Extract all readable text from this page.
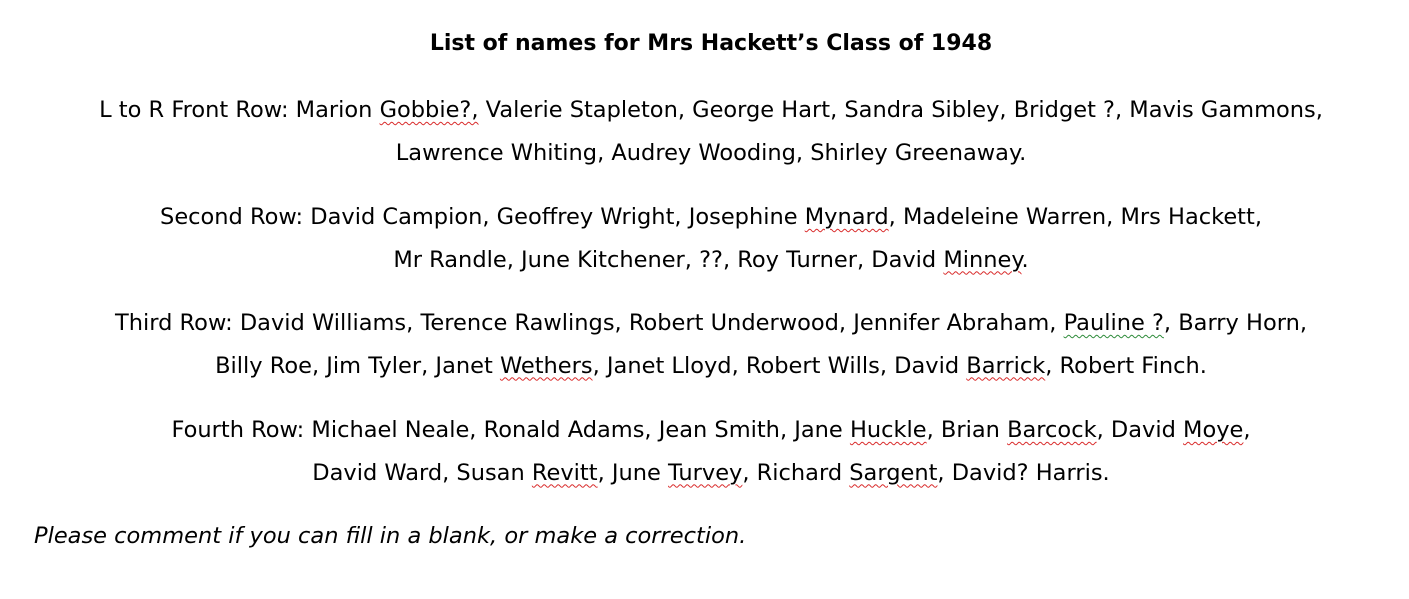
List of names for Mrs Hackett’s Class of 1948
L to R Front Row: Marion Gobbie?, Valerie Stapleton, George Hart, Sandra Sibley, Bridget ?, Mavis Gammons,
Lawrence Whiting, Audrey Wooding, Shirley Greenaway.
Second Row: David Campion, Geoffrey Wright, Josephine Mynard, Madeleine Warren, Mrs Hackett,
Mr Randle, June Kitchener, ??, Roy Turner, David Minney.
Third Row: David Williams, Terence Rawlings, Robert Underwood, Jennifer Abraham, Pauline ?, Barry Horn,
Billy Roe, Jim Tyler, Janet Wethers, Janet Lloyd, Robert Wills, David Barrick, Robert Finch.
Fourth Row: Michael Neale, Ronald Adams, Jean Smith, Jane Huckle, Brian Barcock, David Moye,
David Ward, Susan Revitt, June Turvey, Richard Sargent, David? Harris.
Please comment if you can fill in a blank, or make a correction.
